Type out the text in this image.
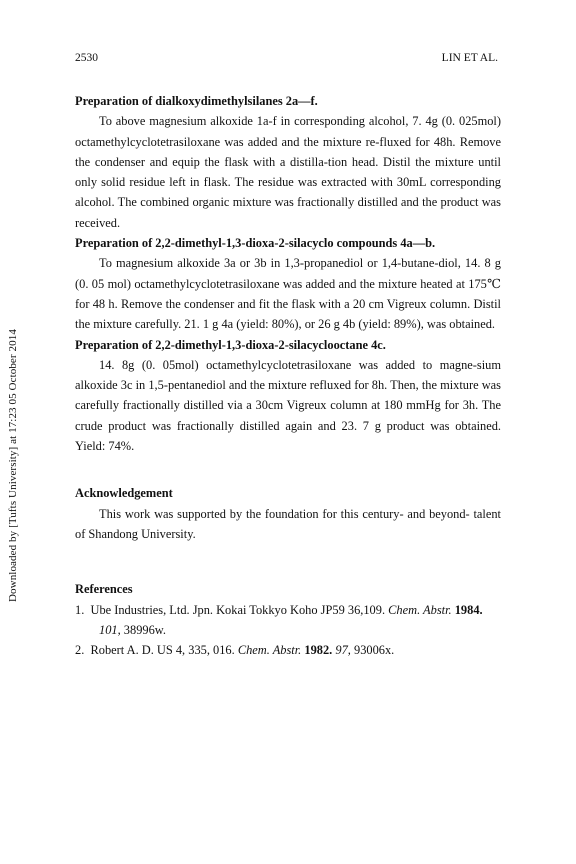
2530	LIN ET AL.
Downloaded by [Tufts University] at 17:23 05 October 2014

Preparation of dialkoxydimethylsilanes 2a—f.

To above magnesium alkoxide 1a-f in corresponding alcohol, 7. 4g (0. 025mol) octamethylcyclotetrasiloxane was added and the mixture re-fluxed for 48h. Remove the condenser and equip the flask with a distilla-tion head. Distil the mixture until only solid residue left in flask. The residue was extracted with 30mL corresponding alcohol. The combined organic mixture was fractionally distilled and the product was received.

Preparation of 2,2-dimethyl-1,3-dioxa-2-silacyclo compounds 4a—b.

To magnesium alkoxide 3a or 3b in 1,3-propanediol or 1,4-butane-diol, 14. 8 g (0. 05 mol) octamethylcyclotetrasiloxane was added and the mixture heated at 175℃ for 48 h. Remove the condenser and fit the flask with a 20 cm Vigreux column. Distil the mixture carefully. 21. 1 g 4a (yield: 80%), or 26 g 4b (yield: 89%), was obtained.

Preparation of 2,2-dimethyl-1,3-dioxa-2-silacyclooctane 4c.

14. 8g (0. 05mol) octamethylcyclotetrasiloxane was added to magne-sium alkoxide 3c in 1,5-pentanediol and the mixture refluxed for 8h. Then, the mixture was carefully fractionally distilled via a 30cm Vigreux column at 180 mmHg for 3h. The crude product was fractionally distilled again and 23. 7 g product was obtained. Yield: 74%.

Acknowledgement

This work was supported by the foundation for this century- and beyond- talent of Shandong University.

References

1. Ube Industries, Ltd. Jpn. Kokai Tokkyo Koho JP59 36,109. Chem. Abstr. 1984. 101, 38996w.

2. Robert A. D. US 4, 335, 016. Chem. Abstr. 1982. 97, 93006x.
